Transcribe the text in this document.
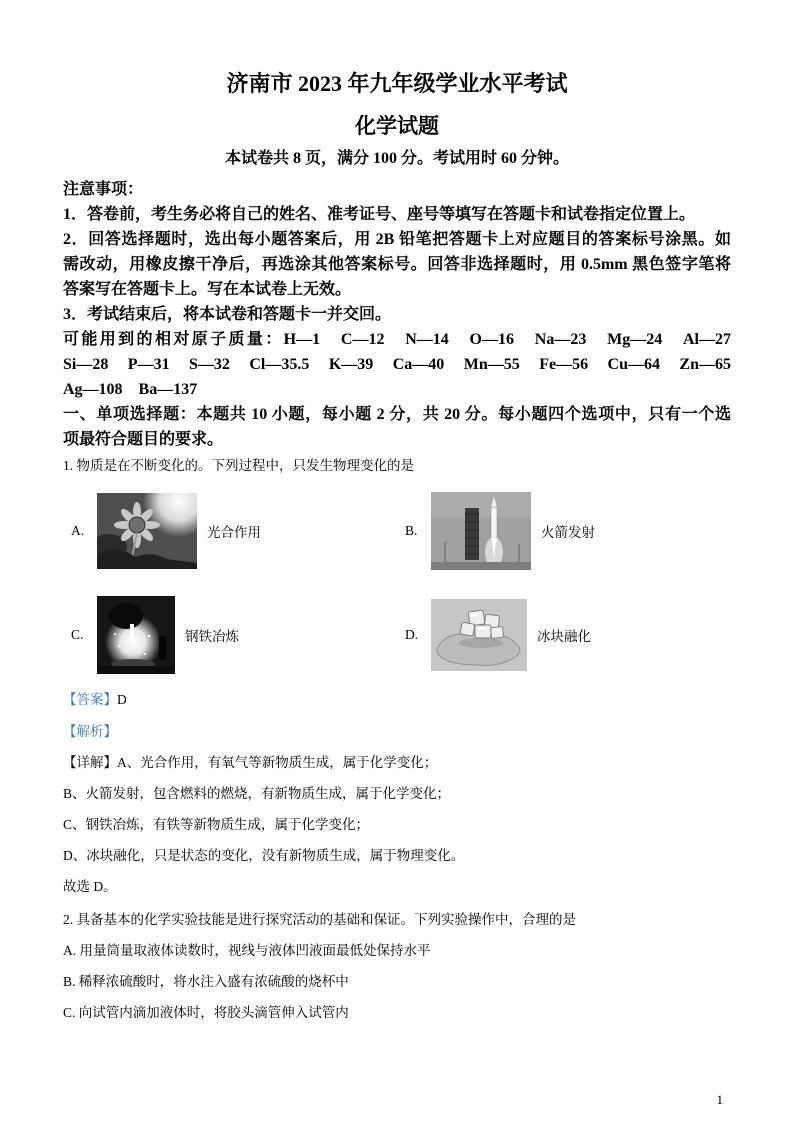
济南市 2023 年九年级学业水平考试
化学试题
本试卷共 8 页，满分 100 分。考试用时 60 分钟。

注意事项：

1．答卷前，考生务必将自己的姓名、准考证号、座号等填写在答题卡和试卷指定位置上。

2．回答选择题时，选出每小题答案后，用 2B 铅笔把答题卡上对应题目的答案标号涂黑。如

需改动，用橡皮擦干净后，再选涂其他答案标号。回答非选择题时，用 0.5mm 黑色签字笔将

答案写在答题卡上。写在本试卷上无效。

3．考试结束后，将本试卷和答题卡一并交回。

可能用到的相对原子质量：H—1　C—12　N—14　O—16　Na—23　Mg—24　Al—27

Si—28　P—31　S—32　Cl—35.5　K—39　Ca—40　Mn—55　Fe—56　Cu—64　Zn—65

Ag—108　Ba—137

一、单项选择题：本题共 10 小题，每小题 2 分，共 20 分。每小题四个选项中，只有一个选

项最符合题目的要求。

1. 物质是在不断变化的。下列过程中，只发生物理变化的是

A.	光合作用	B.	火箭发射
C.	钢铁冶炼	D.	冰块融化

【答案】D

【解析】

【详解】A、光合作用，有氧气等新物质生成，属于化学变化；

B、火箭发射，包含燃料的燃烧，有新物质生成，属于化学变化；

C、钢铁冶炼，有铁等新物质生成，属于化学变化；

D、冰块融化，只是状态的变化，没有新物质生成，属于物理变化。

故选 D。

2. 具备基本的化学实验技能是进行探究活动的基础和保证。下列实验操作中，合理的是

A. 用量筒量取液体读数时，视线与液体凹液面最低处保持水平

B. 稀释浓硫酸时，将水注入盛有浓硫酸的烧杯中

C. 向试管内滴加液体时，将胶头滴管伸入试管内

1
